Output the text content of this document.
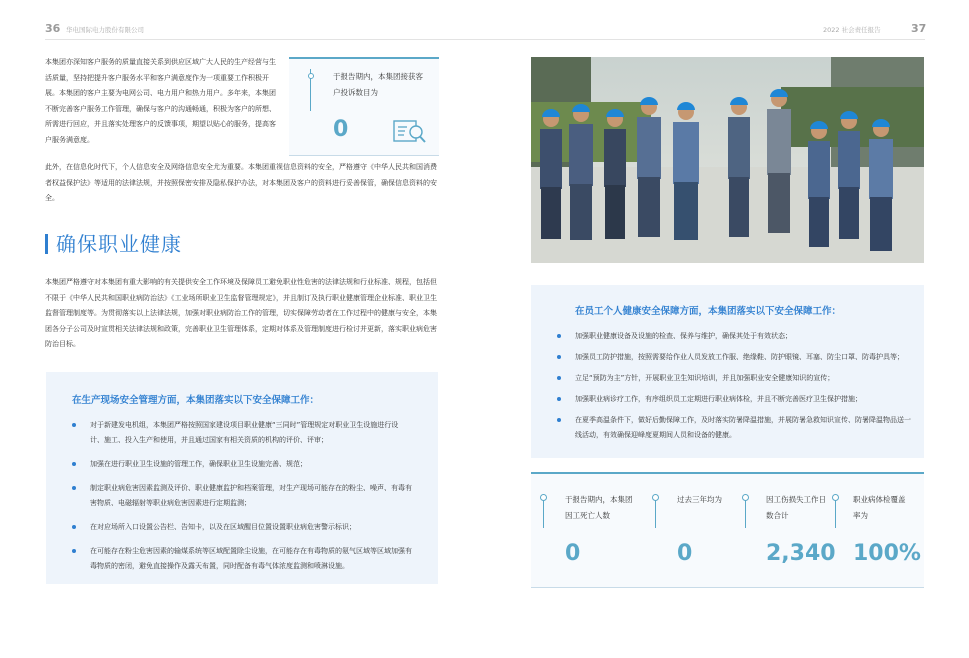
36 华电国际电力股份有限公司	2022 社会责任报告	37

本集团亦深知客户服务的质量直接关系到供应区域广大人民的生产经营与生活质量，坚持把提升客户服务水平和客户满意度作为一项重要工作积极开展。本集团的客户主要为电网公司、电力用户和热力用户。多年来，本集团不断完善客户服务工作管理，确保与客户的沟通畅通，积极为客户的所想、所需进行回应，并且落实处理客户的反馈事项，期望以贴心的服务，提高客户服务满意度。

于报告期内，本集团接获客户投诉数目为
0

此外，在信息化时代下，个人信息安全及网络信息安全尤为重要。本集团重视信息资料的安全，严格遵守《中华人民共和国消费者权益保护法》等适用的法律法规，并按照保密安排及隐私保护办法，对本集团及客户的资料进行妥善保管，确保信息资料的安全。

确保职业健康

本集团严格遵守对本集团有重大影响的有关提供安全工作环境及保障员工避免职业性危害的法律法规和行业标准、规程，包括但不限于《中华人民共和国职业病防治法》《工业场所职业卫生监督管理规定》，并且制订及执行职业健康管理企业标准、职业卫生监督管理制度等。为贯彻落实以上法律法规，加强对职业病防治工作的管理，切实保障劳动者在工作过程中的健康与安全，本集团各分子公司及时宣贯相关法律法规和政策，完善职业卫生管理体系，定期对体系及管理制度进行检讨并更新，落实职业病危害防治目标。

在生产现场安全管理方面，本集团落实以下安全保障工作：
对于新建发电机组，本集团严格按照国家建设项目职业健康“三同时”管理规定对职业卫生设施进行设计、施工、投入生产和使用，并且通过国家有相关资质的机构的评价、评审；
加强在进行职业卫生设施的管理工作，确保职业卫生设施完善、规范；
制定职业病危害因素监测及评价、职业健康监护和档案管理，对生产现场可能存在的粉尘、噪声、有毒有害物质、电磁辐射等职业病危害因素进行定期监测；
在对应场所入口设置公告栏、告知卡，以及在区域醒目位置设置职业病危害警示标识；
在可能存在粉尘危害因素的输煤系统等区域配置除尘设施，在可能存在有毒物质的氨气区域等区域加强有毒物质的密闭，避免直接操作及露天布置，同时配备有毒气体浓度监测和喷淋设施。
在员工个人健康安全保障方面，本集团落实以下安全保障工作：
加强职业健康设备及设施的检查、保养与维护，确保其处于有效状态；
加强员工防护措施，按照需要给作业人员发放工作服、绝缘鞋、防护眼镜、耳塞、防尘口罩、防毒护具等；
立足“预防为主”方针，开展职业卫生知识培训，并且加强职业安全健康知识的宣传；
加强职业病诊疗工作，有序组织员工定期进行职业病体检，并且不断完善医疗卫生保护措施；
在夏季高温条件下，做好后勤保障工作，及时落实防暑降温措施，并展防暑急救知识宣传、防暑降温物品送一线活动，有效确保迎峰度夏期间人员和设备的健康。
于报告期内，本集团因工死亡人数
0
过去三年均为
0
因工伤损失工作日数合计
2,340
职业病体检覆盖率为
100%
